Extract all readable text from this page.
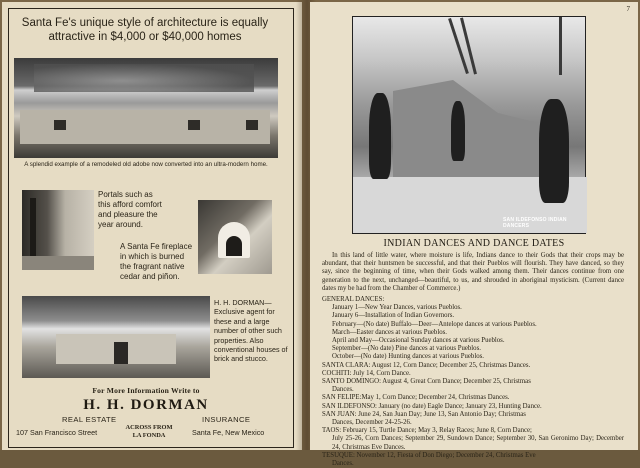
Santa Fe's unique style of architecture is equally attractive in $4,000 or $40,000 homes
A splendid example of a remodeled old adobe now converted into an ultra-modern home.
Portals such as this afford comfort and pleasure the year around.
A Santa Fe fireplace in which is burned the fragrant native cedar and piñon.
H. H. DORMAN— Exclusive agent for these and a large number of other such properties. Also conventional houses of brick and stucco.
For More Information Write to
H. H. DORMAN
REAL ESTATE	INSURANCE
ACROSS FROM
LA FONDA
107 San Francisco Street	Santa Fe, New Mexico
7
SAN ILDEFONSO INDIAN DANCERS
INDIAN DANCES AND DANCE DATES

In this land of little water, where moisture is life, Indians dance to their Gods that their crops may be abundant, that their huntsmen be successful, and that their Pueblos will flourish. They have danced, so they say, since the beginning of time, when their Gods walked among them. Their dances continue from one generation to the next, unchanged—beautiful, to us, and shrouded in aboriginal mysticism. (Current dance dates my be had from the Chamber of Commerce.)

GENERAL DANCES:
January 1—New Year Dances, various Pueblos.
January 6—Installation of Indian Governors.
February—(No date) Buffalo—Deer—Antelope dances at various Pueblos.
March—Easter dances at various Pueblos.
April and May—Occasional Sunday dances at various Pueblos.
September—(No date) Pine dances at various Pueblos.
October—(No date) Hunting dances at various Pueblos.
SANTA CLARA: August 12, Corn Dance; December 25, Christmas Dances.
COCHITI: July 14, Corn Dance.
SANTO DOMINGO: August 4, Great Corn Dance; December 25, Christmas
Dances.
SAN FELIPE:May 1, Corn Dance; December 24, Christmas Dances.
SAN ILDEFONSO: January (no date) Eagle Dance; January 23, Hunting Dance.
SAN JUAN: June 24, San Juan Day; June 13, San Antonio Day; Christmas
Dances, December 24-25-26.
TAOS: February 15, Turtle Dance; May 3, Relay Races; June 8, Corn Dance;
July 25-26, Corn Dances; September 29, Sundown Dance; September 30, San Geronimo Day; December 24, Christmas Eve Dances.
TESUQUE: November 12, Fiesta of Don Diego; December 24, Christmas Eve
Dances.
